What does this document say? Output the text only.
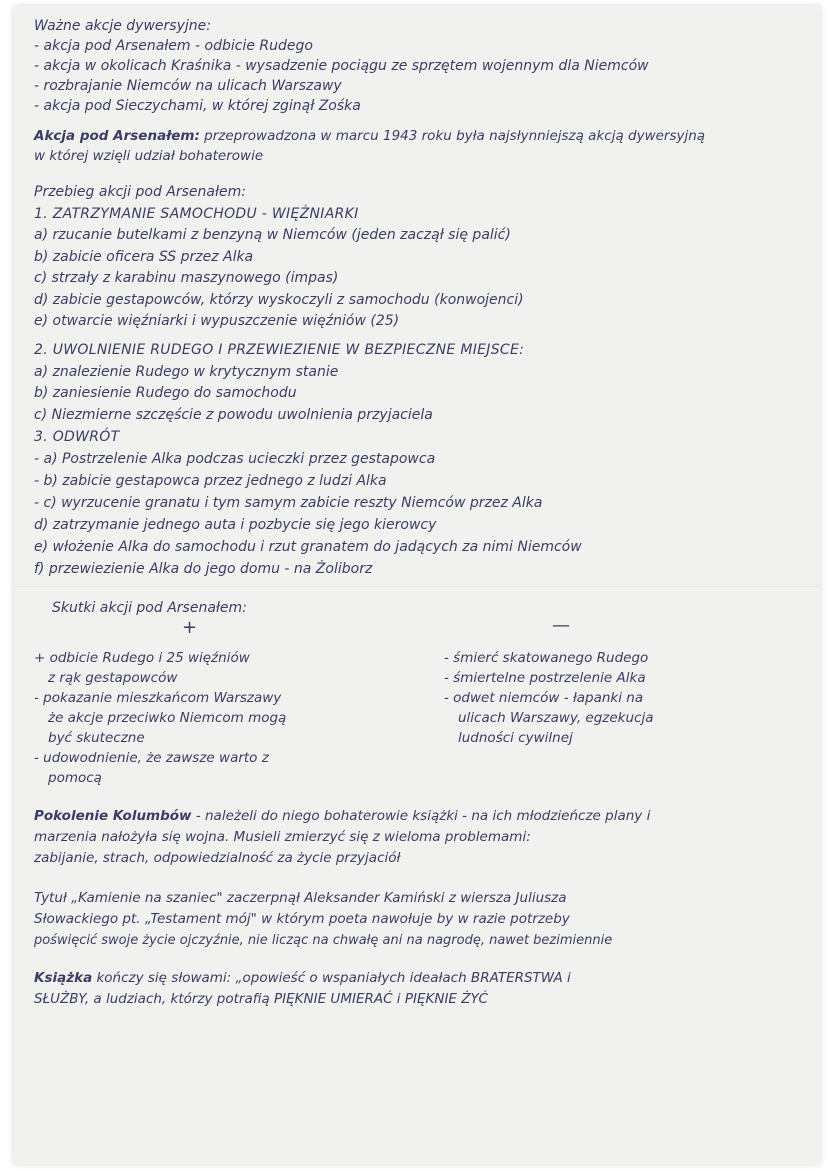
Ważne akcje dywersyjne:
- akcja pod Arsenałem - odbicie Rudego
- akcja w okolicach Kraśnika - wysadzenie pociągu ze sprzętem wojennym dla Niemców
- rozbrajanie Niemców na ulicach Warszawy
- akcja pod Sieczychami, w której zginął Zośka
Akcja pod Arsenałem: przeprowadzona w marcu 1943 roku była najsłynniejszą akcją dywersyjną
w której wzięli udział bohaterowie
Przebieg akcji pod Arsenałem:
1. ZATRZYMANIE SAMOCHODU - WIĘŹNIARKI
a) rzucanie butelkami z benzyną w Niemców (jeden zaczął się palić)
b) zabicie oficera SS przez Alka
c) strzały z karabinu maszynowego (impas)
d) zabicie gestapowców, którzy wyskoczyli z samochodu (konwojenci)
e) otwarcie więźniarki i wypuszczenie więźniów (25)
2. UWOLNIENIE RUDEGO I PRZEWIEZIENIE W BEZPIECZNE MIEJSCE:
a) znalezienie Rudego w krytycznym stanie
b) zaniesienie Rudego do samochodu
c) Niezmierne szczęście z powodu uwolnienia przyjaciela
3. ODWRÓT
- a) Postrzelenie Alka podczas ucieczki przez gestapowca
- b) zabicie gestapowca przez jednego z ludzi Alka
- c) wyrzucenie granatu i tym samym zabicie reszty Niemców przez Alka
d) zatrzymanie jednego auta i pozbycie się jego kierowcy
e) włożenie Alka do samochodu i rzut granatem do jadących za nimi Niemców
f) przewiezienie Alka do jego domu - na Żoliborz
Skutki akcji pod Arsenałem:
+	—
+ odbicie Rudego i 25 więźniów
z rąk gestapowców
- pokazanie mieszkańcom Warszawy
że akcje przeciwko Niemcom mogą
być skuteczne
- udowodnienie, że zawsze warto z
pomocą
- śmierć skatowanego Rudego
- śmiertelne postrzelenie Alka
- odwet niemców - łapanki na
ulicach Warszawy, egzekucja
ludności cywilnej
Pokolenie Kolumbów - należeli do niego bohaterowie książki - na ich młodzieńcze plany i
marzenia nałożyła się wojna. Musieli zmierzyć się z wieloma problemami:
zabijanie, strach, odpowiedzialność za życie przyjaciół
Tytuł „Kamienie na szaniec" zaczerpnął Aleksander Kamiński z wiersza Juliusza
Słowackiego pt. „Testament mój" w którym poeta nawołuje by w razie potrzeby
poświęcić swoje życie ojczyźnie, nie licząc na chwałę ani na nagrodę, nawet bezimiennie
Książka kończy się słowami: „opowieść o wspaniałych ideałach BRATERSTWA i
SŁUŻBY, a ludziach, którzy potrafią PIĘKNIE UMIERAĆ i PIĘKNIE ŻYĆ
